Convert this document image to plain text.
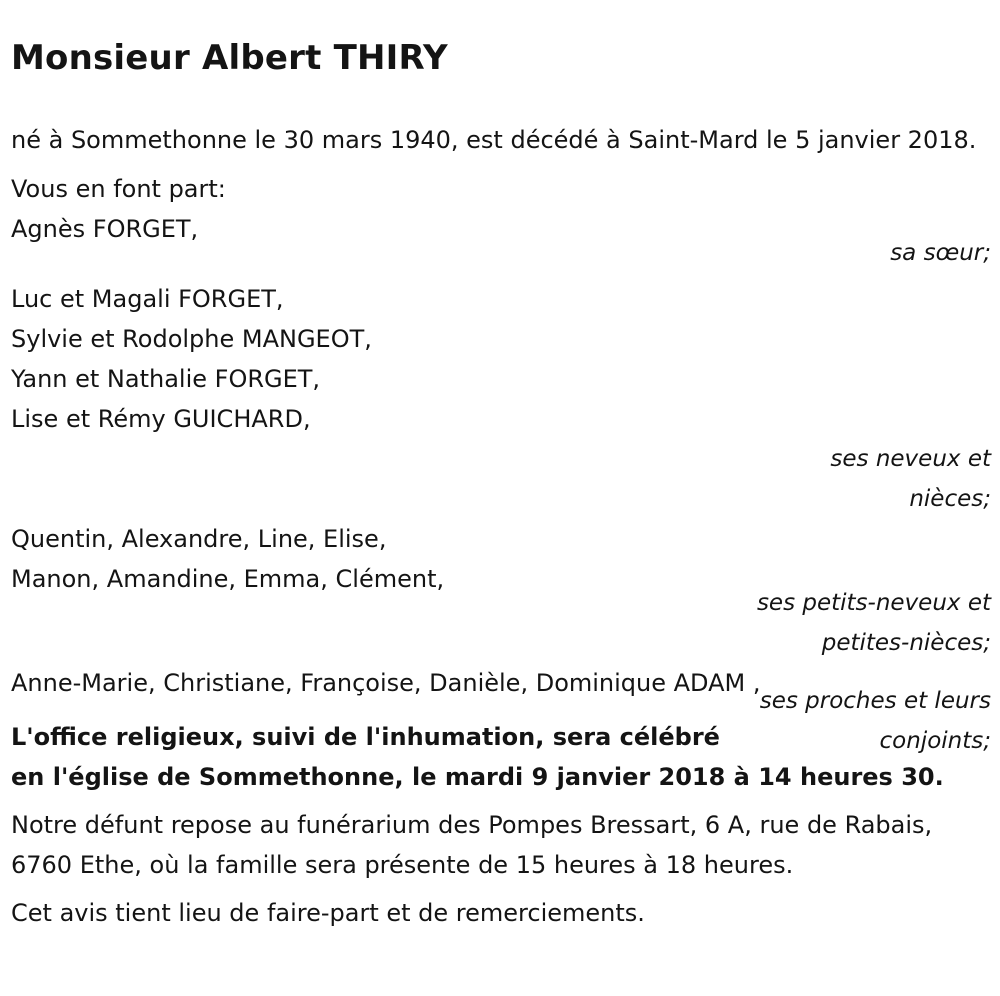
Monsieur Albert THIRY

né à Sommethonne le 30 mars 1940, est décédé à Saint-Mard le 5 janvier 2018.

Vous en font part:
Agnès FORGET,
sa sœur;
Luc et Magali FORGET,
Sylvie et Rodolphe MANGEOT,
Yann et Nathalie FORGET,
Lise et Rémy GUICHARD,
ses neveux et
nièces;
Quentin, Alexandre, Line, Elise,
Manon, Amandine, Emma, Clément,
ses petits-neveux et
petites-nièces;
Anne-Marie, Christiane, Françoise, Danièle, Dominique ADAM ,
ses proches et leurs
conjoints;

L'office religieux, suivi de l'inhumation, sera célébré

en l'église de Sommethonne, le mardi 9 janvier 2018 à 14 heures 30.

Notre défunt repose au funérarium des Pompes Bressart, 6 A, rue de Rabais, 6760 Ethe, où la famille sera présente de 15 heures à 18 heures.

Cet avis tient lieu de faire-part et de remerciements.
